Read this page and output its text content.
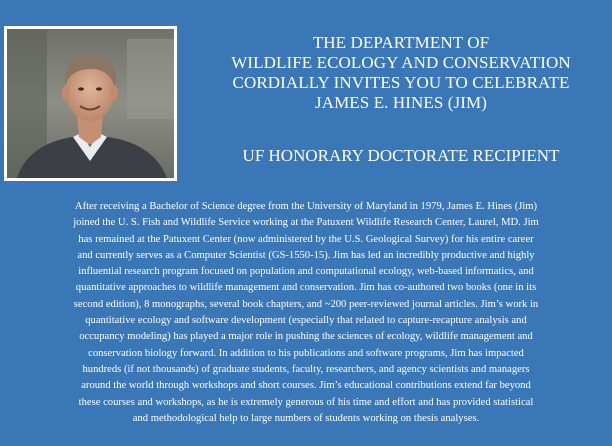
THE DEPARTMENT OF
WILDLIFE ECOLOGY AND CONSERVATION
CORDIALLY INVITES YOU TO CELEBRATE
JAMES E. HINES (JIM)
UF HONORARY DOCTORATE RECIPIENT
After receiving a Bachelor of Science degree from the University of Maryland in 1979, James E. Hines (Jim)
joined the U. S. Fish and Wildlife Service working at the Patuxent Wildlife Research Center, Laurel, MD. Jim
has remained at the Patuxent Center (now administered by the U.S. Geological Survey) for his entire career
and currently serves as a Computer Scientist (GS-1550-15). Jim has led an incredibly productive and highly
influential research program focused on population and computational ecology, web-based informatics, and
quantitative approaches to wildlife management and conservation. Jim has co-authored two books (one in its
second edition), 8 monographs, several book chapters, and ~200 peer-reviewed journal articles. Jim’s work in
quantitative ecology and software development (especially that related to capture-recapture analysis and
occupancy modeling) has played a major role in pushing the sciences of ecology, wildlife management and
conservation biology forward. In addition to his publications and software programs, Jim has impacted
hundreds (if not thousands) of graduate students, faculty, researchers, and agency scientists and managers
around the world through workshops and short courses. Jim’s educational contributions extend far beyond
these courses and workshops, as he is extremely generous of his time and effort and has provided statistical
and methodological help to large numbers of students working on thesis analyses.
